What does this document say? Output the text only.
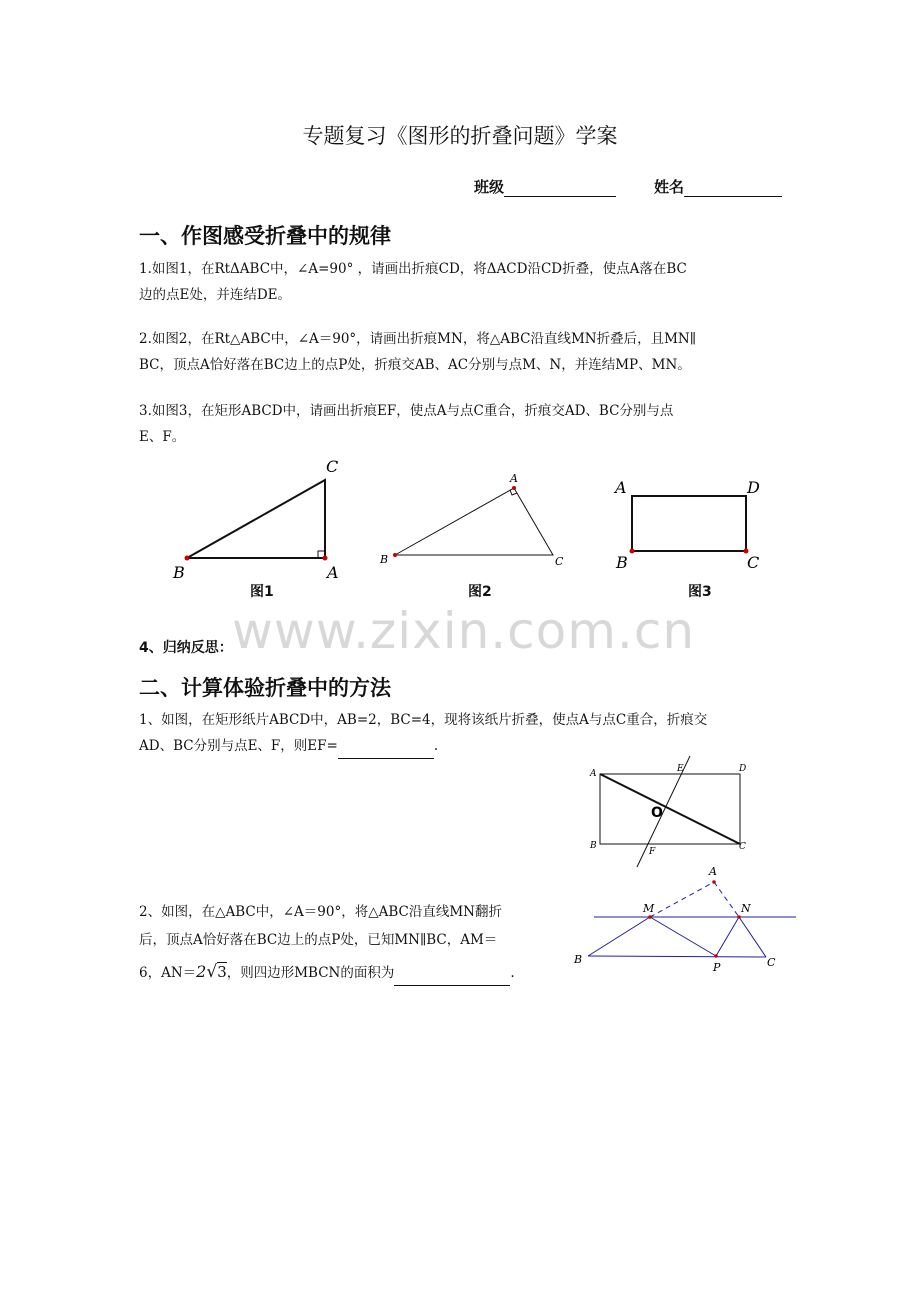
专题复习《图形的折叠问题》学案
班级	姓名
一、作图感受折叠中的规律

1.如图1，在RtΔABC中，∠A=90° ，请画出折痕CD，将ΔACD沿CD折叠，使点A落在BC

边的点E处，并连结DE。

2.如图2，在Rt△ABC中，∠A＝90°，请画出折痕MN，将△ABC沿直线MN折叠后，且MN∥

BC，顶点A恰好落在BC边上的点P处，折痕交AB、AC分别与点M、N，并连结MP、MN。

3.如图3，在矩形ABCD中，请画出折痕EF，使点A与点C重合，折痕交AD、BC分别与点

E、F。

C
B	A
图1
A
B	C
图2
A	D
B	C
图3
www.zixin.com.cn
4、归纳反思：
二、计算体验折叠中的方法

1、如图，在矩形纸片ABCD中，AB=2，BC=4，现将该纸片折叠，使点A与点C重合，折痕交

AD、BC分别与点E、F，则EF=	.

A	E	D
O
B
F	C

2、如图，在△ABC中，∠A＝90°，将△ABC沿直线MN翻折

后，顶点A恰好落在BC边上的点P处，已知MN∥BC，AM＝

6，AN＝2√3，则四边形MBCN的面积为	.

A
M	N
B
P	C
